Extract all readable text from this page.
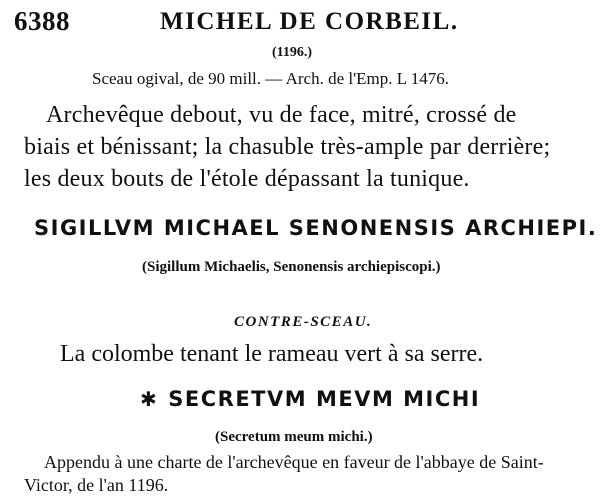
6388	MICHEL DE CORBEIL.
(1196.)
Sceau ogival, de 90 mill. — Arch. de l'Emp. L 1476.
Archevêque debout, vu de face, mitré, crossé de
biais et bénissant; la chasuble très-ample par derrière;
les deux bouts de l'étole dépassant la tunique.
SIGILLVM MICHAEL SENONENSIS ARCHIEPI.
(Sigillum Michaelis, Senonensis archiepiscopi.)
CONTRE-SCEAU.
La colombe tenant le rameau vert à sa serre.
✱ SECRETVM MEVM MICHI
(Secretum meum michi.)
Appendu à une charte de l'archevêque en faveur de l'abbaye de Saint-
Victor, de l'an 1196.
